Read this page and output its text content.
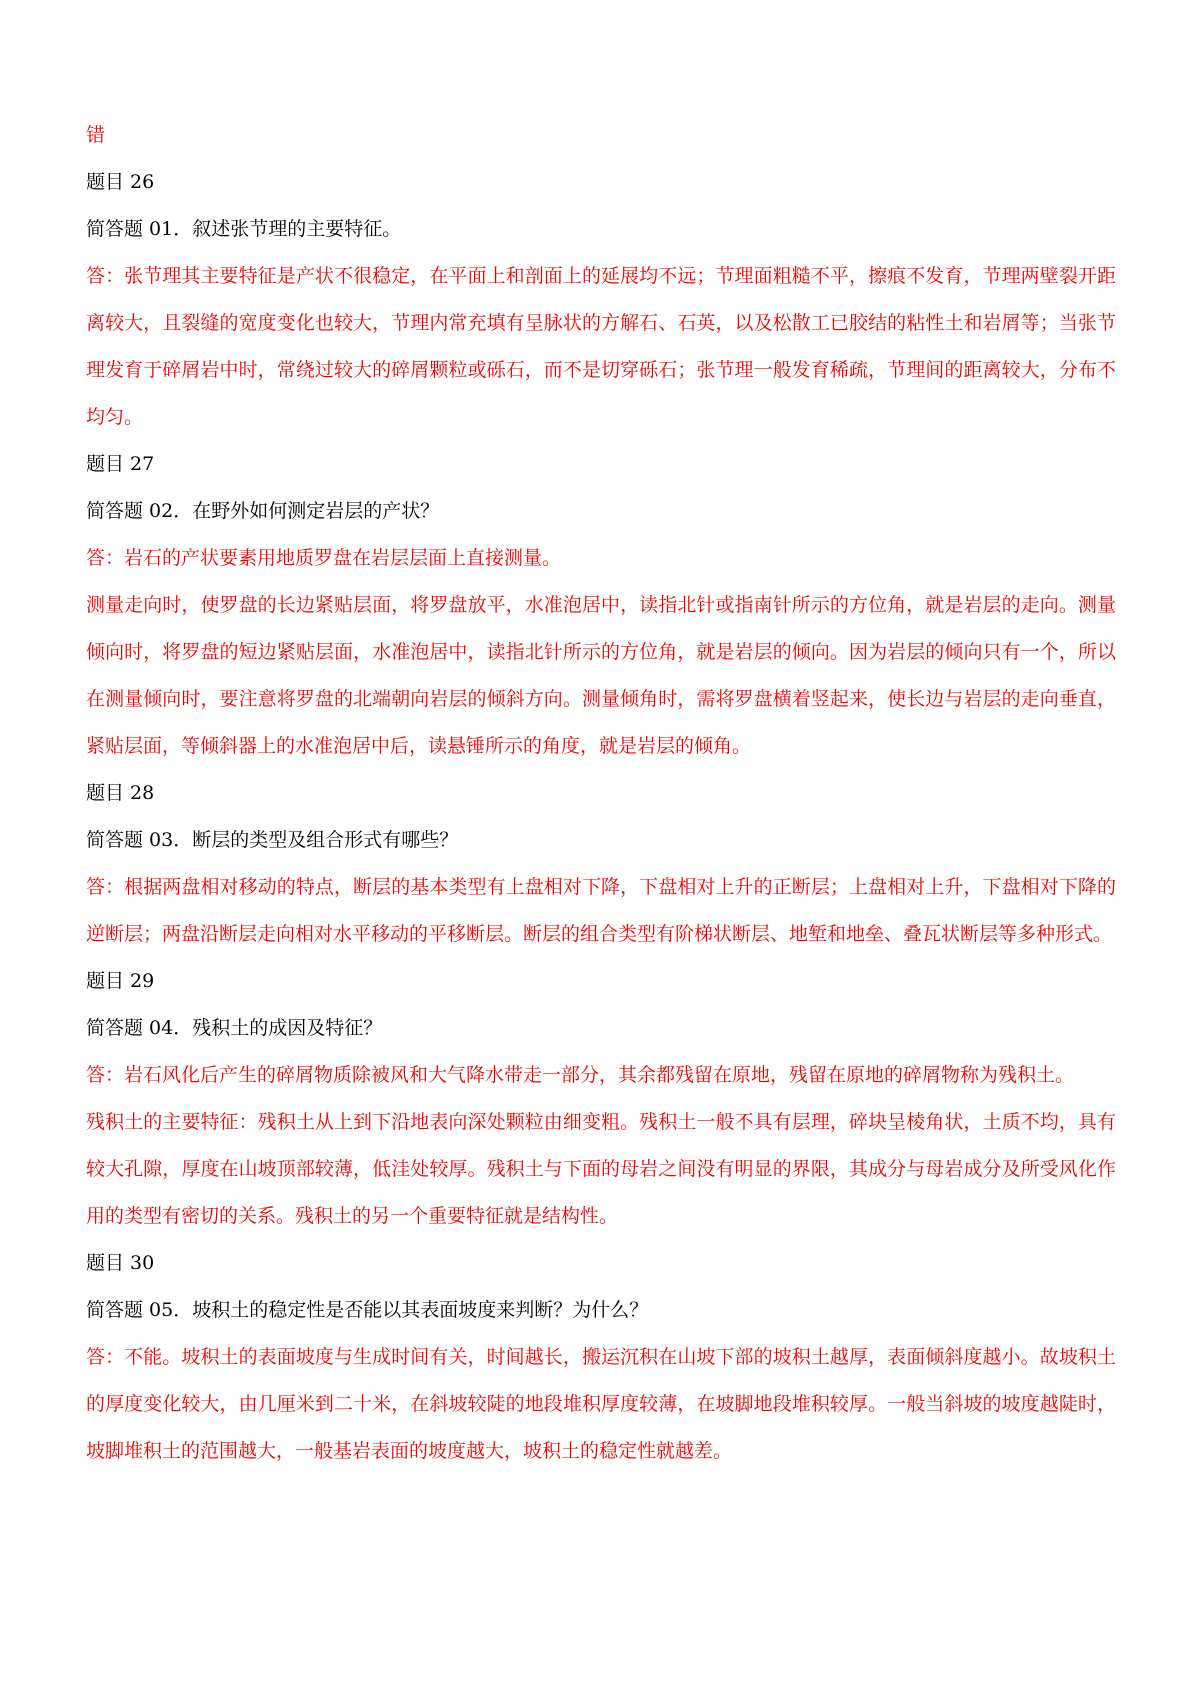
错

题目 26

简答题 01．叙述张节理的主要特征。

答：张节理其主要特征是产状不很稳定，在平面上和剖面上的延展均不远；节理面粗糙不平，擦痕不发育，节理两壁裂开距离较大，且裂缝的宽度变化也较大，节理内常充填有呈脉状的方解石、石英，以及松散工已胶结的粘性土和岩屑等；当张节理发育于碎屑岩中时，常绕过较大的碎屑颗粒或砾石，而不是切穿砾石；张节理一般发育稀疏，节理间的距离较大，分布不均匀。

题目 27

简答题 02．在野外如何测定岩层的产状？

答：岩石的产状要素用地质罗盘在岩层层面上直接测量。

测量走向时，使罗盘的长边紧贴层面，将罗盘放平，水准泡居中，读指北针或指南针所示的方位角，就是岩层的走向。测量倾向时，将罗盘的短边紧贴层面，水准泡居中，读指北针所示的方位角，就是岩层的倾向。因为岩层的倾向只有一个，所以在测量倾向时，要注意将罗盘的北端朝向岩层的倾斜方向。测量倾角时，需将罗盘横着竖起来，使长边与岩层的走向垂直，紧贴层面，等倾斜器上的水准泡居中后，读悬锤所示的角度，就是岩层的倾角。

题目 28

简答题 03．断层的类型及组合形式有哪些？

答：根据两盘相对移动的特点，断层的基本类型有上盘相对下降，下盘相对上升的正断层；上盘相对上升，下盘相对下降的逆断层；两盘沿断层走向相对水平移动的平移断层。断层的组合类型有阶梯状断层、地堑和地垒、叠瓦状断层等多种形式。

题目 29

简答题 04．残积土的成因及特征？

答：岩石风化后产生的碎屑物质除被风和大气降水带走一部分，其余都残留在原地，残留在原地的碎屑物称为残积土。

残积土的主要特征：残积土从上到下沿地表向深处颗粒由细变粗。残积土一般不具有层理，碎块呈棱角状，土质不均，具有较大孔隙，厚度在山坡顶部较薄，低洼处较厚。残积土与下面的母岩之间没有明显的界限，其成分与母岩成分及所受风化作用的类型有密切的关系。残积土的另一个重要特征就是结构性。

题目 30

简答题 05．坡积土的稳定性是否能以其表面坡度来判断？为什么？

答：不能。坡积土的表面坡度与生成时间有关，时间越长，搬运沉积在山坡下部的坡积土越厚，表面倾斜度越小。故坡积土的厚度变化较大，由几厘米到二十米，在斜坡较陡的地段堆积厚度较薄，在坡脚地段堆积较厚。一般当斜坡的坡度越陡时，坡脚堆积土的范围越大，一般基岩表面的坡度越大，坡积土的稳定性就越差。
